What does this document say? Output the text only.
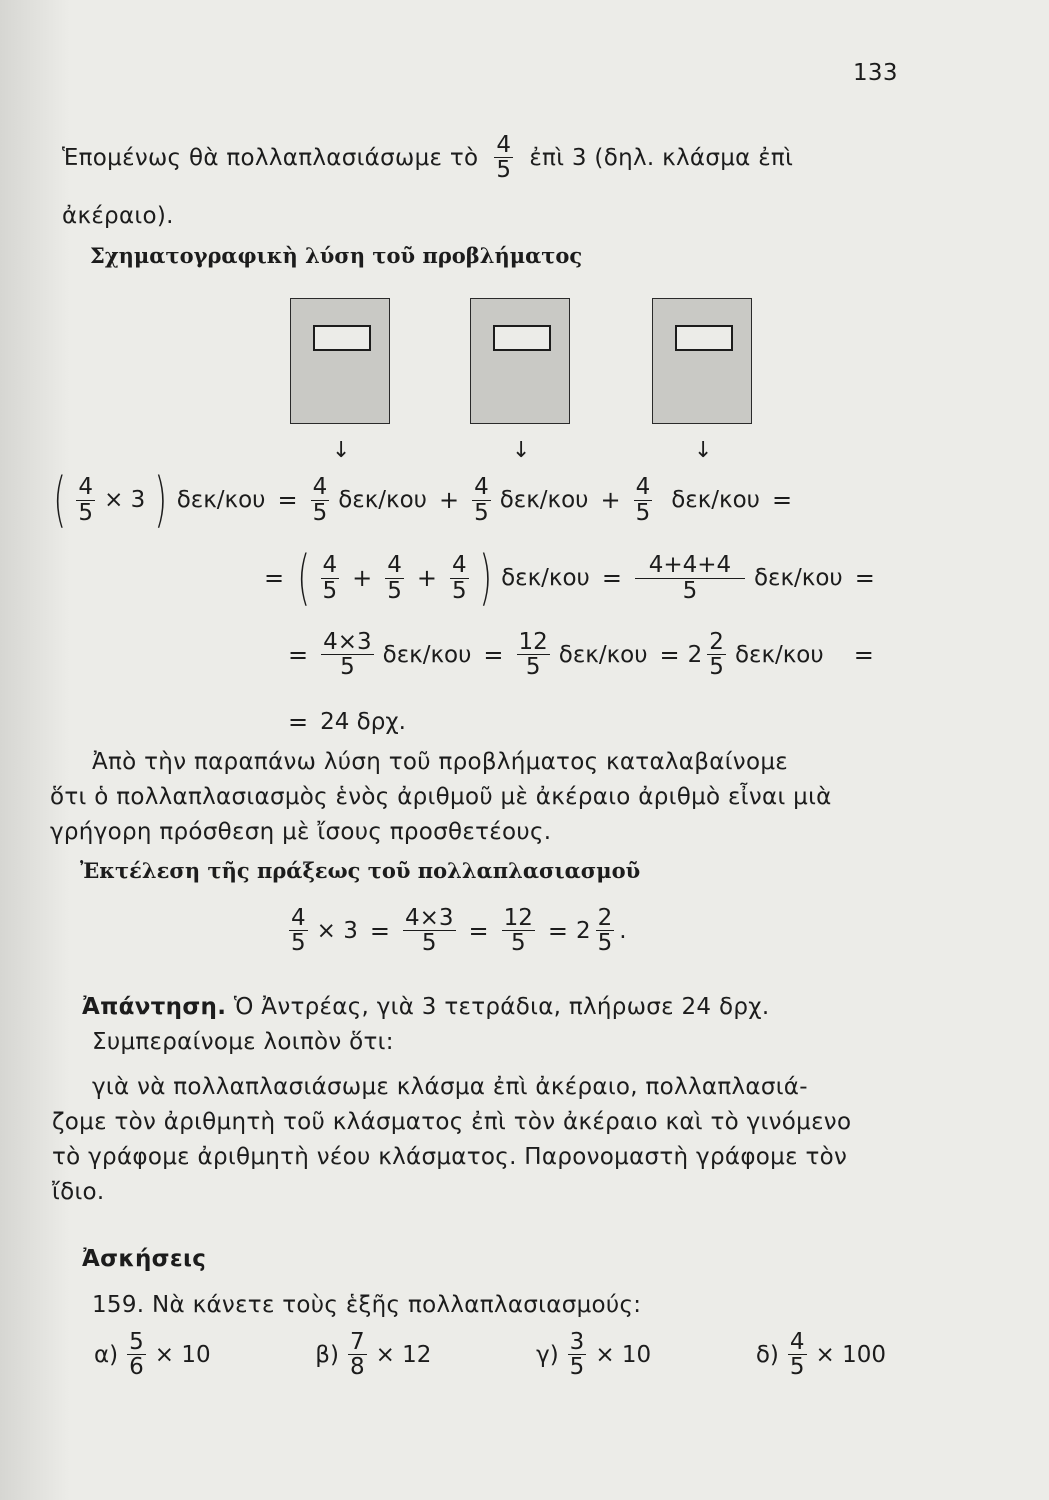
133
Ἑπομένως θὰ πολλαπλασιάσωμε τὸ $\frac{4}{5}$ ἐπὶ 3 (δηλ. κλάσμα ἐπὶ
ἀκέραιο).
Σχηματογραφικὴ λύση τοῦ προβλήματος
↓	↓	↓
( $\frac{4}{5} \times 3$ ) $\delta\varepsilon\kappa/\kappa o\upsilon = \frac{4}{5} \delta\varepsilon\kappa/\kappa o\upsilon + \frac{4}{5} \delta\varepsilon\kappa/\kappa o\upsilon + \frac{4}{5} \delta\varepsilon\kappa/\kappa o\upsilon$ =
= ( $\frac{4}{5} + \frac{4}{5} + \frac{4}{5}$ ) $\delta\varepsilon\kappa/\kappa o\upsilon = \frac{4+4+4}{5} \delta\varepsilon\kappa/\kappa o\upsilon$ =
= $\frac{4\times 3}{5} \delta\varepsilon\kappa/\kappa o\upsilon = \frac{12}{5} \delta\varepsilon\kappa/\kappa o\upsilon = 2 \frac{2}{5} \delta\varepsilon\kappa/\kappa o\upsilon$ =
= 24 δρχ.
Ἀπὸ τὴν παραπάνω λύση τοῦ προβλήματος καταλαβαίνομε
ὅτι ὁ πολλαπλασιασμὸς ἑνὸς ἀριθμοῦ μὲ ἀκέραιο ἀριθμὸ εἶναι μιὰ
γρήγορη πρόσθεση μὲ ἴσους προσθετέους.
Ἐκτέλεση τῆς πράξεως τοῦ πολλαπλασιασμοῦ
$\frac{4}{5} \times 3 = \frac{4\times 3}{5} = \frac{12}{5} = 2 \frac{2}{5}$ .
Ἀπάντηση. Ὁ Ἀντρέας, γιὰ 3 τετράδια, πλήρωσε 24 δρχ.
Συμπεραίνομε λοιπὸν ὅτι:
γιὰ νὰ πολλαπλασιάσωμε κλάσμα ἐπὶ ἀκέραιο, πολλαπλασιά-
ζομε τὸν ἀριθμητὴ τοῦ κλάσματος ἐπὶ τὸν ἀκέραιο καὶ τὸ γινόμενο
τὸ γράφομε ἀριθμητὴ νέου κλάσματος. Παρονομαστὴ γράφομε τὸν
ἴδιο.
Ἀσκήσεις
159. Νὰ κάνετε τοὺς ἑξῆς πολλαπλασιασμούς:
$\alpha) \frac{5}{6} \times 10$	$\beta) \frac{7}{8} \times 12$	$\gamma) \frac{3}{5} \times 10$	$\delta) \frac{4}{5} \times 100$
